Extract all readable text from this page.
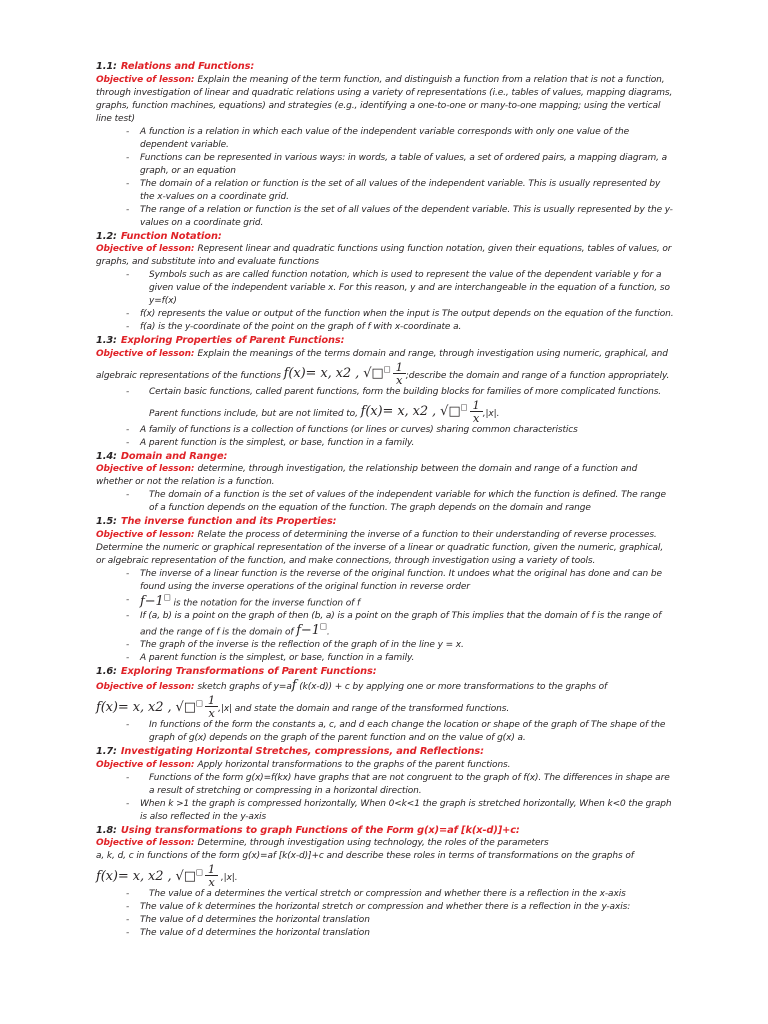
1.1: Relations and Functions:

Objective of lesson: Explain the meaning of the term function, and distinguish a function from a relation that is not a function, through investigation of linear and quadratic relations using a variety of representations (i.e., tables of values, mapping diagrams, graphs, function machines, equations) and strategies (e.g., identifying a one-to-one or many-to-one mapping; using the vertical line test)

-	A function is a relation in which each value of the independent variable corresponds with only one value of the dependent variable.
-	Functions can be represented in various ways: in words, a table of values, a set of ordered pairs, a mapping diagram, a graph, or an equation
-	The domain of a relation or function is the set of all values of the independent variable. This is usually represented by the x-values on a coordinate grid.
-	The range of a relation or function is the set of all values of the dependent variable. This is usually represented by the y-values on a coordinate grid.
1.2: Function Notation:

Objective of lesson: Represent linear and quadratic functions using function notation, given their equations, tables of values, or graphs, and substitute into and evaluate functions

-	Symbols such as are called function notation, which is used to represent the value of the dependent variable y for a given value of the independent variable x. For this reason, y and are interchangeable in the equation of a function, so y=f(x)
-	f(x) represents the value or output of the function when the input is The output depends on the equation of the function.
-	f(a) is the y-coordinate of the point on the graph of f with x-coordinate a.
1.3: Exploring Properties of Parent Functions:

Objective of lesson: Explain the meanings of the terms domain and range, through investigation using numeric, graphical, and algebraic representations of the functions f(x)= x, x2 , √□□ $\frac{1}{x}$ ;describe the domain and range of a function appropriately.

-	Certain basic functions, called parent functions, form the building blocks for families of more complicated functions. Parent functions include, but are not limited to, f(x)= x, x2 , √□□ $\frac{1}{x} ,|x|$.
-	A family of functions is a collection of functions (or lines or curves) sharing common characteristics
-	A parent function is the simplest, or base, function in a family.
1.4: Domain and Range:

Objective of lesson: determine, through investigation, the relationship between the domain and range of a function and whether or not the relation is a function.

-	The domain of a function is the set of values of the independent variable for which the function is defined. The range of a function depends on the equation of the function. The graph depends on the domain and range
1.5: The inverse function and its Properties:

Objective of lesson: Relate the process of determining the inverse of a function to their understanding of reverse processes. Determine the numeric or graphical representation of the inverse of a linear or quadratic function, given the numeric, graphical, or algebraic representation of the function, and make connections, through investigation using a variety of tools.

-	The inverse of a linear function is the reverse of the original function. It undoes what the original has done and can be found using the inverse operations of the original function in reverse order
- f−1□ is the notation for the inverse function of f
-	If (a, b) is a point on the graph of then (b, a) is a point on the graph of This implies that the domain of f is the range of and the range of f is the domain of f−1□.
-	The graph of the inverse is the reflection of the graph of in the line y = x.
-	A parent function is the simplest, or base, function in a family.
1.6: Exploring Transformations of Parent Functions:

Objective of lesson: sketch graphs of y=af (k(x-d)) + c by applying one or more transformations to the graphs of f(x)= x, x2 , √□□ $\frac{1}{x} ,|x|$ and state the domain and range of the transformed functions.

-	In functions of the form the constants a, c, and d each change the location or shape of the graph of The shape of the graph of g(x) depends on the graph of the parent function and on the value of g(x) a.
1.7: Investigating Horizontal Stretches, compressions, and Reflections:

Objective of lesson: Apply horizontal transformations to the graphs of the parent functions.

-	Functions of the form g(x)=f(kx) have graphs that are not congruent to the graph of f(x). The differences in shape are a result of stretching or compressing in a horizontal direction.
-	When k >1 the graph is compressed horizontally, When 0<k<1 the graph is stretched horizontally, When k<0 the graph is also reflected in the y-axis
1.8: Using transformations to graph Functions of the Form g(x)=af [k(x-d)]+c:

Objective of lesson: Determine, through investigation using technology, the roles of the parameters

a, k, d, c in functions of the form g(x)=af [k(x-d)]+c and describe these roles in terms of transformations on the graphs of f(x)= x, x2 , √□□ $\frac{1}{x} ,|x|$.

-	The value of a determines the vertical stretch or compression and whether there is a reflection in the x-axis
-	The value of k determines the horizontal stretch or compression and whether there is a reflection in the y-axis:
-	The value of d determines the horizontal translation
-	The value of d determines the horizontal translation
